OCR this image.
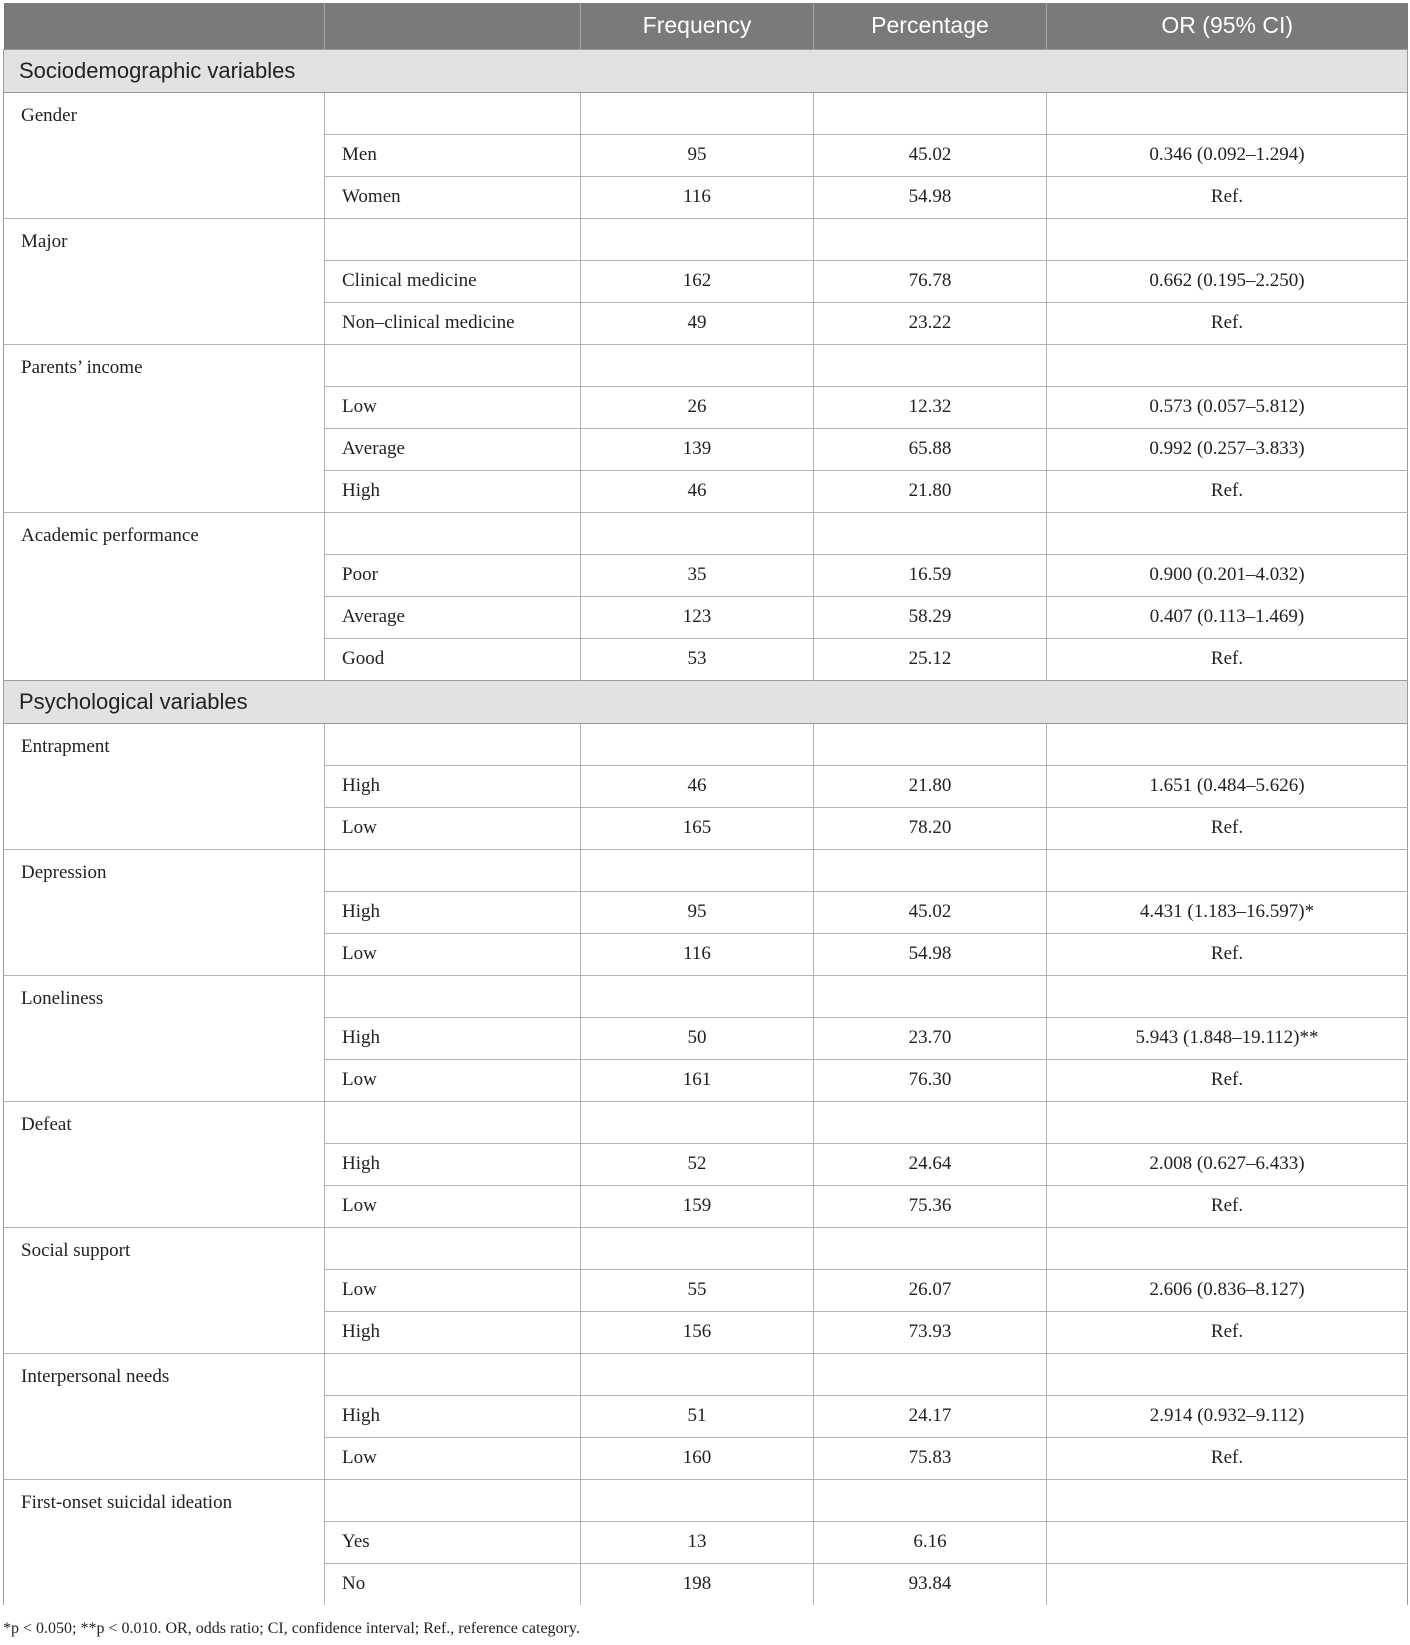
		Frequency	Percentage	OR (95% CI)
Sociodemographic variables				
Gender				
	Men	95	45.02	0.346 (0.092–1.294)
	Women	116	54.98	Ref.
Major				
	Clinical medicine	162	76.78	0.662 (0.195–2.250)
	Non–clinical medicine	49	23.22	Ref.
Parents’ income				
	Low	26	12.32	0.573 (0.057–5.812)
	Average	139	65.88	0.992 (0.257–3.833)
	High	46	21.80	Ref.
Academic performance				
	Poor	35	16.59	0.900 (0.201–4.032)
	Average	123	58.29	0.407 (0.113–1.469)
	Good	53	25.12	Ref.
Psychological variables				
Entrapment				
	High	46	21.80	1.651 (0.484–5.626)
	Low	165	78.20	Ref.
Depression				
	High	95	45.02	4.431 (1.183–16.597)*
	Low	116	54.98	Ref.
Loneliness				
	High	50	23.70	5.943 (1.848–19.112)**
	Low	161	76.30	Ref.
Defeat				
	High	52	24.64	2.008 (0.627–6.433)
	Low	159	75.36	Ref.
Social support				
	Low	55	26.07	2.606 (0.836–8.127)
	High	156	73.93	Ref.
Interpersonal needs				
	High	51	24.17	2.914 (0.932–9.112)
	Low	160	75.83	Ref.
First-onset suicidal ideation				
	Yes	13	6.16	
	No	198	93.84	
*p < 0.050; **p < 0.010. OR, odds ratio; CI, confidence interval; Ref., reference category.
